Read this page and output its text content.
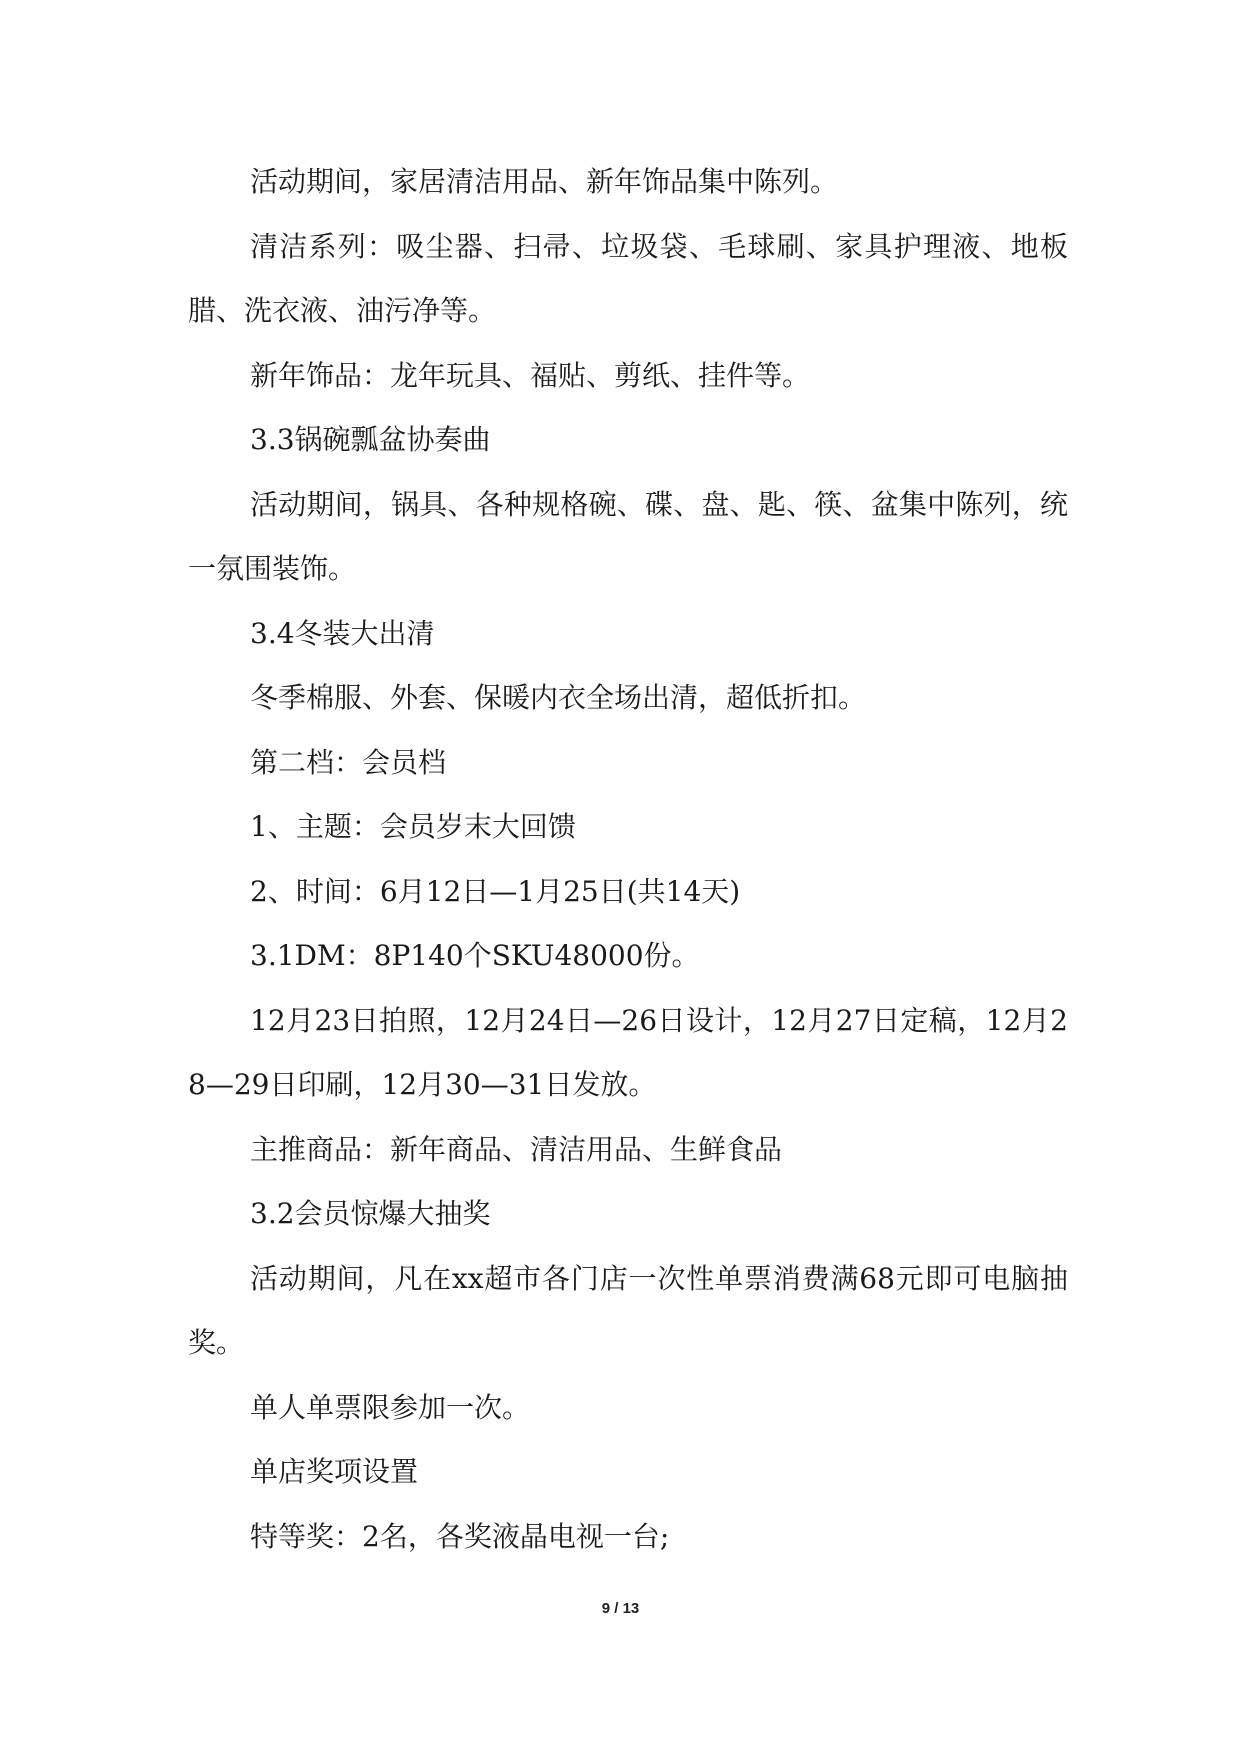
活动期间，家居清洁用品、新年饰品集中陈列。

清洁系列：吸尘器、扫帚、垃圾袋、毛球刷、家具护理液、地板腊、洗衣液、油污净等。

新年饰品：龙年玩具、福贴、剪纸、挂件等。

3.3锅碗瓢盆协奏曲

活动期间，锅具、各种规格碗、碟、盘、匙、筷、盆集中陈列，统一氛围装饰。

3.4冬装大出清

冬季棉服、外套、保暖内衣全场出清，超低折扣。

第二档：会员档

1、主题：会员岁末大回馈

2、时间：6月12日—1月25日(共14天)

3.1DM：8P140个SKU48000份。

12月23日拍照，12月24日—26日设计，12月27日定稿，12月28—29日印刷，12月30—31日发放。

主推商品：新年商品、清洁用品、生鲜食品

3.2会员惊爆大抽奖

活动期间，凡在xx超市各门店一次性单票消费满68元即可电脑抽奖。

单人单票限参加一次。

单店奖项设置

特等奖：2名，各奖液晶电视一台;

9 / 13
